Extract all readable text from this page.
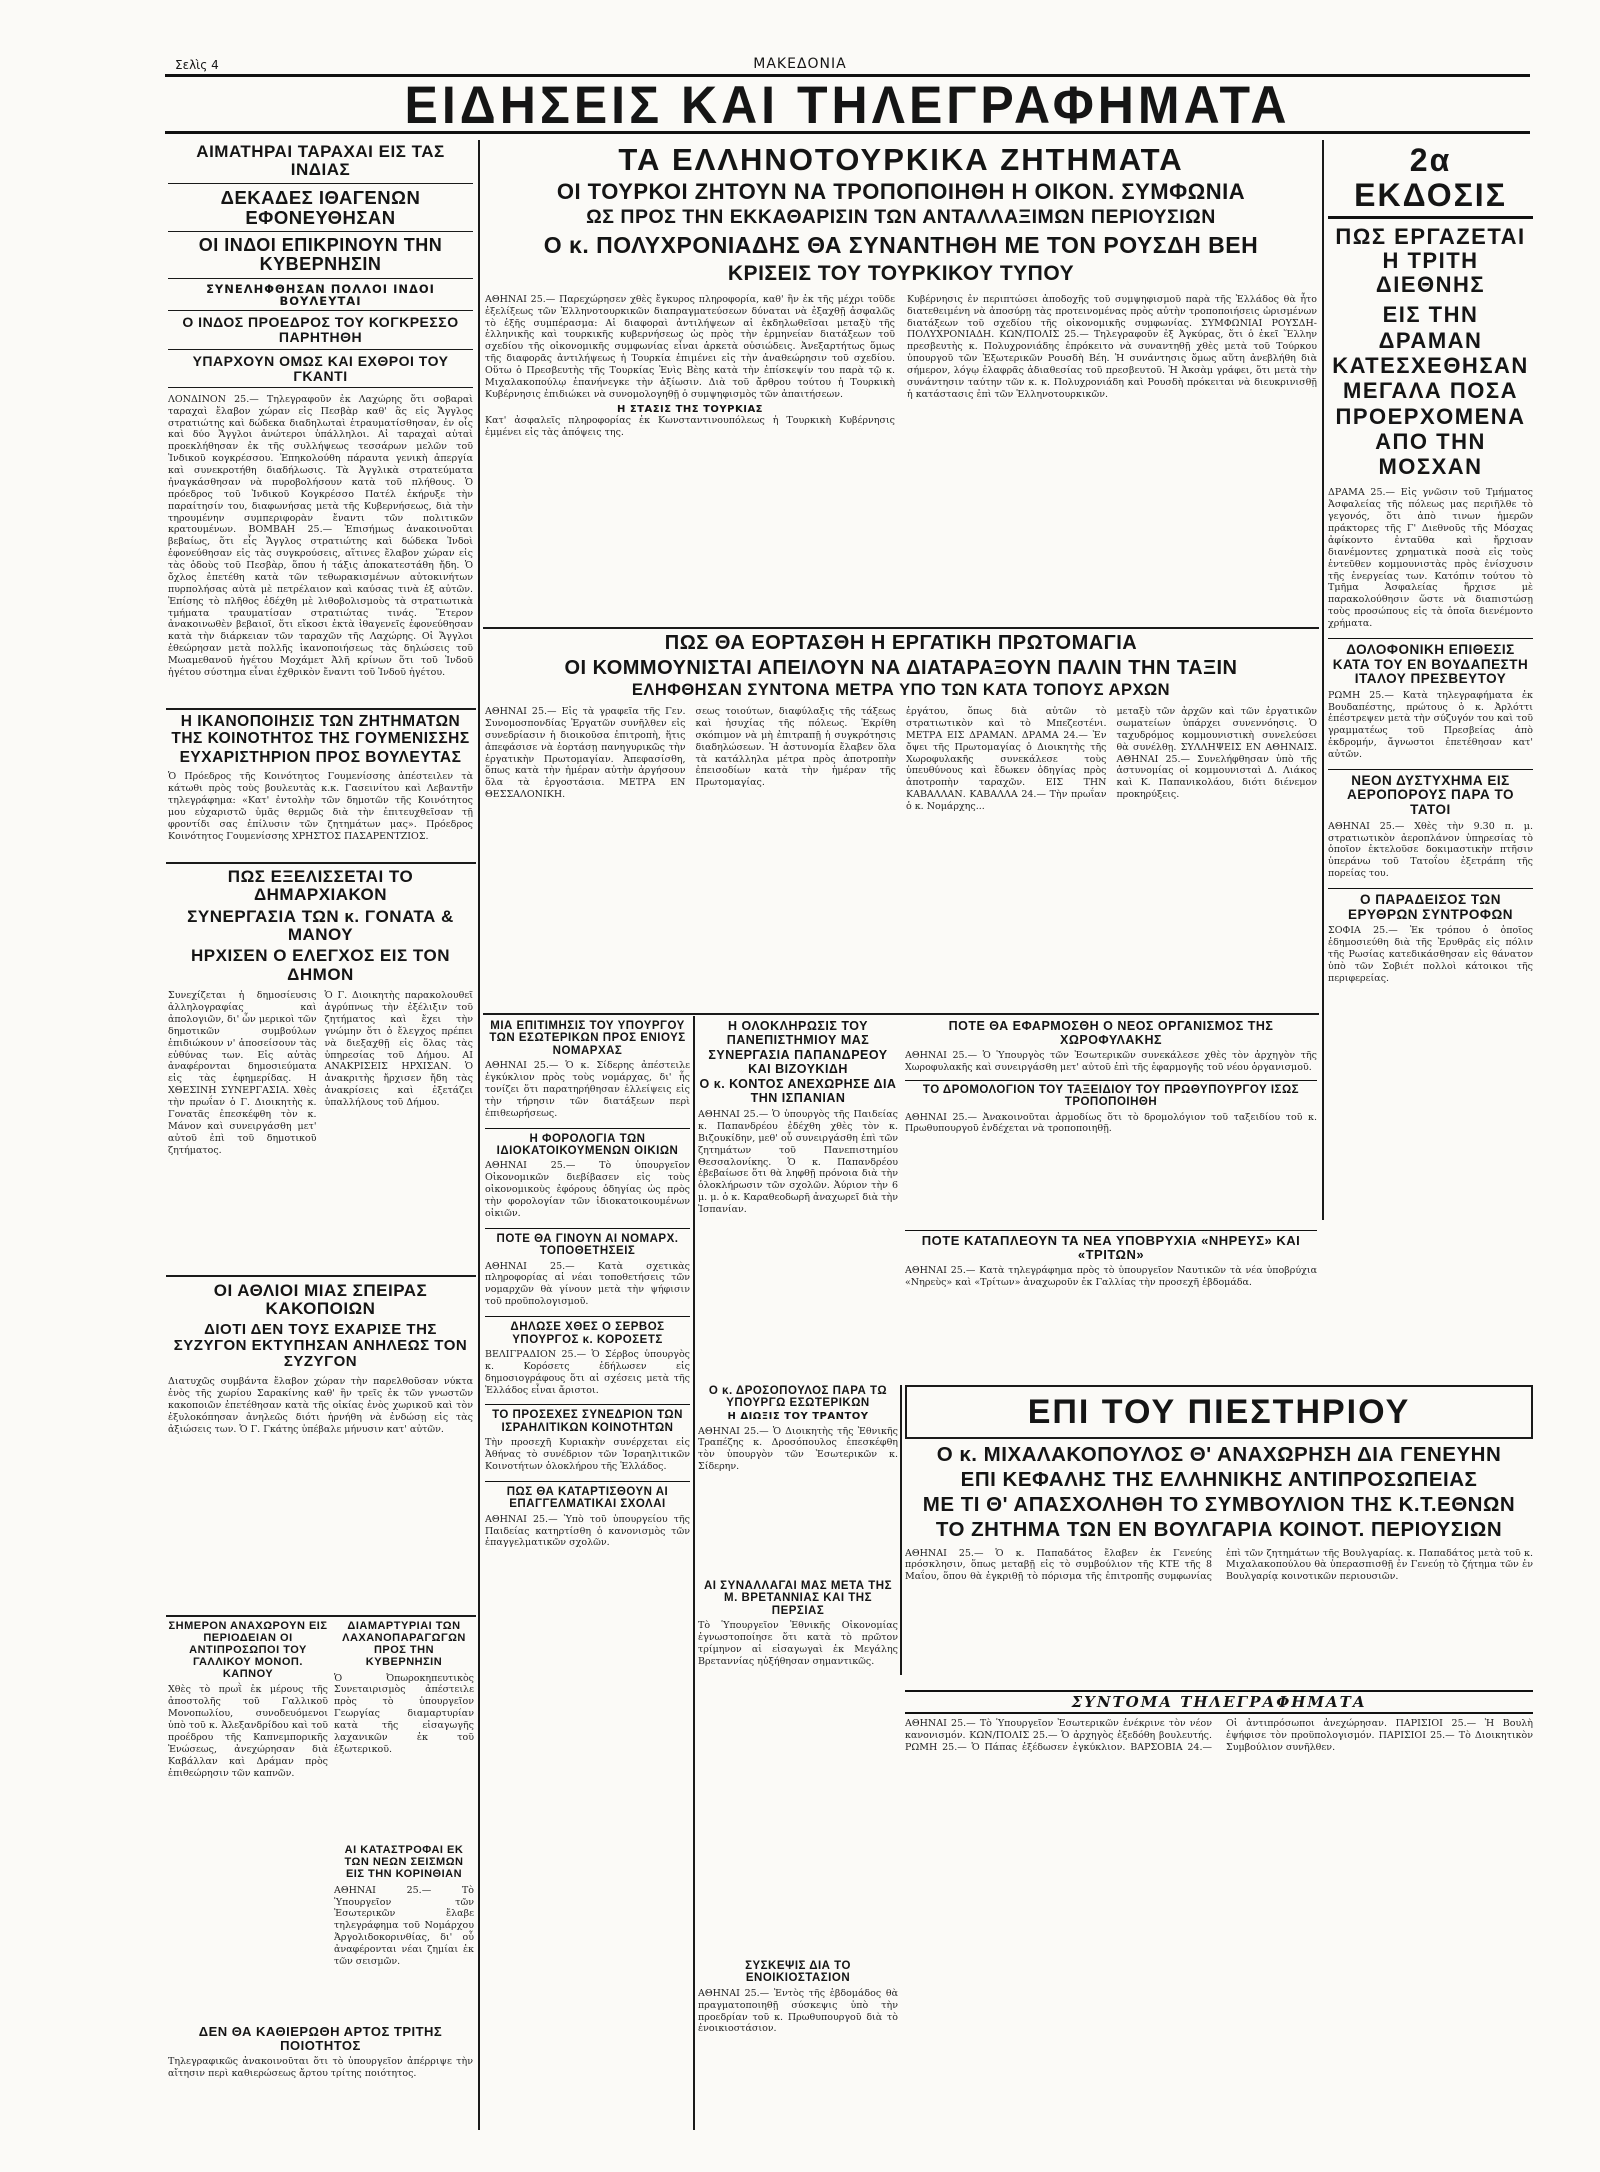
Σελὶς 4	ΜΑΚΕΔΟΝΙΑ
ΕΙΔΗΣΕΙΣ ΚΑΙ ΤΗΛΕΓΡΑΦΗΜΑΤΑ

ΑΙΜΑΤΗΡΑΙ ΤΑΡΑΧΑΙ ΕΙΣ ΤΑΣ ΙΝΔΙΑΣ

ΔΕΚΑΔΕΣ ΙΘΑΓΕΝΩΝ ΕΦΟΝΕΥΘΗΣΑΝ

ΟΙ ΙΝΔΟΙ ΕΠΙΚΡΙΝΟΥΝ ΤΗΝ ΚΥΒΕΡΝΗΣΙΝ

ΣΥΝΕΛΗΦΘΗΣΑΝ ΠΟΛΛΟΙ ΙΝΔΟΙ ΒΟΥΛΕΥΤΑΙ

Ο ΙΝΔΟΣ ΠΡΟΕΔΡΟΣ ΤΟΥ ΚΟΓΚΡΕΣΣΟ ΠΑΡΗΤΗΘΗ

ΥΠΑΡΧΟΥΝ ΟΜΩΣ ΚΑΙ ΕΧΘΡΟΙ ΤΟΥ ΓΚΑΝΤΙ

ΛΟΝΔΙΝΟΝ 25.— Τηλεγραφοῦν ἐκ Λαχώρης ὅτι σοβαραὶ ταραχαὶ ἔλαβον χώραν εἰς Πεσβὰρ καθ' ἃς εἰς Ἄγγλος στρατιώτης καὶ δώδεκα διαδηλωταὶ ἐτραυματίσθησαν, ἐν οἷς καὶ δύο Ἄγγλοι ἀνώτεροι ὑπάλληλοι. Αἱ ταραχαὶ αὐταὶ προεκλήθησαν ἐκ τῆς συλλήψεως τεσσάρων μελῶν τοῦ Ἰνδικοῦ κογκρέσσου. Ἐπηκολούθη πάραυτα γενικὴ ἀπεργία καὶ συνεκροτήθη διαδήλωσις. Τὰ Ἀγγλικὰ στρατεύματα ἠναγκάσθησαν νὰ πυροβολήσουν κατὰ τοῦ πλήθους. Ὁ πρόεδρος τοῦ Ἰνδικοῦ Κογκρέσσο Πατέλ ἐκήρυξε τὴν παραίτησίν του, διαφωνήσας μετὰ τῆς Κυβερνήσεως, διὰ τὴν τηρουμένην συμπεριφορὰν ἔναντι τῶν πολιτικῶν κρατουμένων. ΒΟΜΒΑΗ 25.— Ἐπισήμως ἀνακοινοῦται βεβαίως, ὅτι εἷς Ἄγγλος στρατιώτης καὶ δώδεκα Ἰνδοὶ ἐφονεύθησαν εἰς τὰς συγκρούσεις, αἵτινες ἔλαβον χώραν εἰς τὰς ὁδοὺς τοῦ Πεσβὰρ, ὅπου ἡ τάξις ἀποκατεστάθη ἤδη. Ὁ ὄχλος ἐπετέθη κατὰ τῶν τεθωρακισμένων αὐτοκινήτων πυρπολήσας αὐτὰ μὲ πετρέλαιον καὶ καύσας τινὰ ἐξ αὐτῶν. Ἐπίσης τὸ πλῆθος ἐδέχθη μὲ λιθοβολισμοὺς τὰ στρατιωτικὰ τμήματα τραυματίσαν στρατιώτας τινάς. Ἕτερον ἀνακοινωθὲν βεβαιοῖ, ὅτι εἴκοσι ἐκτὰ ἰθαγενεῖς ἐφονεύθησαν κατὰ τὴν διάρκειαν τῶν ταραχῶν τῆς Λαχώρης. Οἱ Ἄγγλοι ἐθεώρησαν μετὰ πολλῆς ἱκανοποιήσεως τὰς δηλώσεις τοῦ Μωαμεθανοῦ ἡγέτου Μοχάμετ Ἀλῆ κρίνων ὅτι τοῦ Ἰνδοῦ ἡγέτου σύστημα εἶναι ἐχθρικὸν ἔναντι τοῦ Ἰνδοῦ ἡγέτου.

ΤΑ ΕΛΛΗΝΟΤΟΥΡΚΙΚΑ ΖΗΤΗΜΑΤΑ

ΟΙ ΤΟΥΡΚΟΙ ΖΗΤΟΥΝ ΝΑ ΤΡΟΠΟΠΟΙΗΘΗ Η ΟΙΚΟΝ. ΣΥΜΦΩΝΙΑ

ΩΣ ΠΡΟΣ ΤΗΝ ΕΚΚΑΘΑΡΙΣΙΝ ΤΩΝ ΑΝΤΑΛΛΑΞΙΜΩΝ ΠΕΡΙΟΥΣΙΩΝ

Ο κ. ΠΟΛΥΧΡΟΝΙΑΔΗΣ ΘΑ ΣΥΝΑΝΤΗΘΗ ΜΕ ΤΟΝ ΡΟΥΣΔΗ ΒΕΗ

ΚΡΙΣΕΙΣ ΤΟΥ ΤΟΥΡΚΙΚΟΥ ΤΥΠΟΥ

ΑΘΗΝΑΙ 25.— Παρεχώρησεν χθὲς ἔγκυρος πληροφορία, καθ' ἣν ἐκ τῆς μέχρι τοῦδε ἐξελίξεως τῶν Ἑλληνοτουρκικῶν διαπραγματεύσεων δύναται νὰ ἐξαχθῇ ἀσφαλῶς τὸ ἑξῆς συμπέρασμα: Αἱ διαφοραὶ ἀντιλήψεων αἱ ἐκδηλωθεῖσαι μεταξὺ τῆς ἑλληνικῆς καὶ τουρκικῆς κυβερνήσεως ὡς πρὸς τὴν ἑρμηνείαν διατάξεων τοῦ σχεδίου τῆς οἰκονομικῆς συμφωνίας εἶναι ἀρκετὰ οὐσιώδεις. Ἀνεξαρτήτως ὅμως τῆς διαφορᾶς ἀντιλήψεως ἡ Τουρκία ἐπιμένει εἰς τὴν ἀναθεώρησιν τοῦ σχεδίου. Οὕτω ὁ Πρεσβευτὴς τῆς Τουρκίας Ἐνὶς Βὲης κατὰ τὴν ἐπίσκεψίν του παρὰ τῷ κ. Μιχαλακοπούλῳ ἐπανήνεγκε τὴν ἀξίωσιν. Διὰ τοῦ ἄρθρου τούτου ἡ Τουρκικὴ Κυβέρνησις ἐπιδιώκει νὰ συνομολογηθῇ ὁ συμψηφισμὸς τῶν ἀπαιτήσεων.

Η ΣΤΑΣΙΣ ΤΗΣ ΤΟΥΡΚΙΑΣ

Κατ' ἀσφαλεῖς πληροφορίας ἐκ Κωνσταντινουπόλεως ἡ Τουρκικὴ Κυβέρνησις ἐμμένει εἰς τὰς ἀπόψεις της.

Κυβέρνησις ἐν περιπτώσει ἀποδοχῆς τοῦ συμψηφισμοῦ παρὰ τῆς Ἑλλάδος θὰ ἦτο διατεθειμένη νὰ ἀποσύρῃ τὰς προτεινομένας πρὸς αὐτὴν τροποποιήσεις ὡρισμένων διατάξεων τοῦ σχεδίου τῆς οἰκονομικῆς συμφωνίας. ΣΥΜΦΩΝΙΑΙ ΡΟΥΣΔΗ-ΠΟΛΥΧΡΟΝΙΑΔΗ. ΚΩΝ/ΠΟΛΙΣ 25.— Τηλεγραφοῦν ἐξ Ἀγκύρας, ὅτι ὁ ἐκεῖ Ἕλλην πρεσβευτὴς κ. Πολυχρονιάδης ἐπρόκειτο νὰ συναντηθῇ χθὲς μετὰ τοῦ Τούρκου ὑπουργοῦ τῶν Ἐξωτερικῶν Ρουσδὴ Βέη. Ἡ συνάντησις ὅμως αὕτη ἀνεβλήθη διὰ σήμερον, λόγῳ ἐλαφρᾶς ἀδιαθεσίας τοῦ πρεσβευτοῦ. Ἡ Ἀκσὰμ γράφει, ὅτι μετὰ τὴν συνάντησιν ταύτην τῶν κ. κ. Πολυχρονιάδη καὶ Ρουσδὴ πρόκειται νὰ διευκρινισθῇ ἡ κατάστασις ἐπὶ τῶν Ἑλληνοτουρκικῶν.

2α ΕΚΔΟΣΙΣ

ΠΩΣ ΕΡΓΑΖΕΤΑΙ Η ΤΡΙΤΗ ΔΙΕΘΝΗΣ

ΕΙΣ ΤΗΝ ΔΡΑΜΑΝ ΚΑΤΕΣΧΕΘΗΣΑΝ ΜΕΓΑΛΑ ΠΟΣΑ ΠΡΟΕΡΧΟΜΕΝΑ ΑΠΟ ΤΗΝ ΜΟΣΧΑΝ

ΔΡΑΜΑ 25.— Εἰς γνῶσιν τοῦ Τμήματος Ἀσφαλείας τῆς πόλεως μας περιῆλθε τὸ γεγονός, ὅτι ἀπὸ τινων ἡμερῶν πράκτορες τῆς Γ' Διεθνοῦς τῆς Μόσχας ἀφίκοντο ἐνταῦθα καὶ ἤρχισαν διανέμοντες χρηματικὰ ποσὰ εἰς τοὺς ἐντεῦθεν κομμουνιστὰς πρὸς ἐνίσχυσιν τῆς ἐνεργείας των. Κατόπιν τούτου τὸ Τμῆμα Ἀσφαλείας ἤρχισε μὲ παρακολούθησιν ὥστε νὰ διαπιστώσῃ τοὺς προσώπους εἰς τὰ ὁποῖα διενέμοντο χρήματα.

ΔΟΛΟΦΟΝΙΚΗ ΕΠΙΘΕΣΙΣ ΚΑΤΑ ΤΟΥ ΕΝ ΒΟΥΔΑΠΕΣΤΗ ΙΤΑΛΟΥ ΠΡΕΣΒΕΥΤΟΥ

ΡΩΜΗ 25.— Κατὰ τηλεγραφήματα ἐκ Βουδαπέστης, πρώτους ὁ κ. Ἀρλόττι ἐπέστρεψεν μετὰ τὴν σύζυγόν του καὶ τοῦ γραμματέως τοῦ Πρεσβείας ἀπὸ ἐκδρομήν, ἄγνωστοι ἐπετέθησαν κατ' αὐτῶν.

ΝΕΟΝ ΔΥΣΤΥΧΗΜΑ ΕΙΣ ΑΕΡΟΠΟΡΟΥΣ ΠΑΡΑ ΤΟ ΤΑΤΟΙ

ΑΘΗΝΑΙ 25.— Χθὲς τὴν 9.30 π. μ. στρατιωτικὸν ἀεροπλάνον ὑπηρεσίας τὸ ὁποῖον ἐκτελοῦσε δοκιμαστικὴν πτῆσιν ὑπεράνω τοῦ Τατοΐου ἐξετράπη τῆς πορείας του.

Ο ΠΑΡΑΔΕΙΣΟΣ ΤΩΝ ΕΡΥΘΡΩΝ ΣΥΝΤΡΟΦΩΝ

ΣΟΦΙΑ 25.— Ἐκ τρόπου ὁ ὁποῖος ἐδημοσιεύθη διὰ τῆς Ἐρυθρᾶς εἰς πόλιν τῆς Ρωσίας κατεδικάσθησαν εἰς θάνατον ὑπὸ τῶν Σοβιέτ πολλοὶ κάτοικοι τῆς περιφερείας.

Η ΙΚΑΝΟΠΟΙΗΣΙΣ ΤΩΝ ΖΗΤΗΜΑΤΩΝ ΤΗΣ ΚΟΙΝΟΤΗΤΟΣ ΤΗΣ ΓΟΥΜΕΝΙΣΣΗΣ

ΕΥΧΑΡΙΣΤΗΡΙΟΝ ΠΡΟΣ ΒΟΥΛΕΥΤΑΣ

Ὁ Πρόεδρος τῆς Κοινότητος Γουμενίσσης ἀπέστειλεν τὰ κάτωθι πρὸς τοὺς βουλευτὰς κ.κ. Γασεινίτου καὶ Λεβαντῆν τηλεγράφημα: «Κατ' ἐντολὴν τῶν δημοτῶν τῆς Κοινότητος μου εὐχαριστῶ ὑμᾶς θερμῶς διὰ τὴν ἐπιτευχθεῖσαν τῇ φροντίδι σας ἐπίλυσιν τῶν ζητημάτων μας». Πρόεδρος Κοινότητος Γουμενίσσης ΧΡΗΣΤΟΣ ΠΑΣΑΡΕΝΤΖΙΟΣ.

ΠΩΣ ΕΞΕΛΙΣΣΕΤΑΙ ΤΟ ΔΗΜΑΡΧΙΑΚΟΝ

ΣΥΝΕΡΓΑΣΙΑ ΤΩΝ κ. ΓΟΝΑΤΑ & ΜΑΝΟΥ

ΗΡΧΙΣΕΝ Ο ΕΛΕΓΧΟΣ ΕΙΣ ΤΟΝ ΔΗΜΟΝ

Συνεχίζεται ἡ δημοσίευσις ἀλληλογραφίας καὶ ἀπολογιῶν, δι' ὧν μερικοὶ τῶν δημοτικῶν συμβούλων ἐπιδιώκουν ν' ἀποσείσουν τὰς εὐθύνας των. Εἰς αὐτὰς ἀναφέρονται δημοσιεύματα εἰς τὰς ἐφημερίδας. Η ΧΘΕΣΙΝΗ ΣΥΝΕΡΓΑΣΙΑ. Χθὲς τὴν πρωΐαν ὁ Γ. Διοικητὴς κ. Γονατᾶς ἐπεσκέφθη τὸν κ. Μάνον καὶ συνειργάσθη μετ' αὐτοῦ ἐπὶ τοῦ δημοτικοῦ ζητήματος.

Ὁ Γ. Διοικητὴς παρακολουθεῖ ἀγρύπνως τὴν ἐξέλιξιν τοῦ ζητήματος καὶ ἔχει τὴν γνώμην ὅτι ὁ ἔλεγχος πρέπει νὰ διεξαχθῇ εἰς ὅλας τὰς ὑπηρεσίας τοῦ Δήμου. ΑΙ ΑΝΑΚΡΙΣΕΙΣ ΗΡΧΙΣΑΝ. Ὁ ἀνακριτὴς ἤρχισεν ἤδη τὰς ἀνακρίσεις καὶ ἐξετάζει ὑπαλλήλους τοῦ Δήμου.

ΟΙ ΑΘΛΙΟΙ ΜΙΑΣ ΣΠΕΙΡΑΣ ΚΑΚΟΠΟΙΩΝ

ΔΙΟΤΙ ΔΕΝ ΤΟΥΣ ΕΧΑΡΙΣΕ ΤΗΣ ΣΥΖΥΓΟΝ ΕΚΤΥΠΗΣΑΝ ΑΝΗΛΕΩΣ ΤΟΝ ΣΥΖΥΓΟΝ

Διατυχῶς συμβάντα ἔλαβον χώραν τὴν παρελθοῦσαν νύκτα ἐνὸς τῆς χωρίου Σαρακίνης καθ' ἣν τρεῖς ἐκ τῶν γνωστῶν κακοποιῶν ἐπετέθησαν κατὰ τῆς οἰκίας ἐνὸς χωρικοῦ καὶ τὸν ἐξυλοκόπησαν ἀνηλεῶς διότι ἠρνήθη νὰ ἐνδώσῃ εἰς τὰς ἀξιώσεις των. Ὁ Γ. Γκάτης ὑπέβαλε μήνυσιν κατ' αὐτῶν.

ΣΗΜΕΡΟΝ ΑΝΑΧΩΡΟΥΝ ΕΙΣ ΠΕΡΙΟΔΕΙΑΝ ΟΙ ΑΝΤΙΠΡΟΣΩΠΟΙ ΤΟΥ ΓΑΛΛΙΚΟΥ ΜΟΝΟΠ. ΚΑΠΝΟΥ

Χθὲς τὸ πρωῒ ἐκ μέρους τῆς ἀποστολῆς τοῦ Γαλλικοῦ Μονοπωλίου, συνοδευόμενοι ὑπὸ τοῦ κ. Ἀλεξανδρίδου καὶ τοῦ προέδρου τῆς Καπνεμπορικῆς Ἑνώσεως, ἀνεχώρησαν διὰ Καβάλλαν καὶ Δράμαν πρὸς ἐπιθεώρησιν τῶν καπνῶν.

ΔΙΑΜΑΡΤΥΡΙΑΙ ΤΩΝ ΛΑΧΑΝΟΠΑΡΑΓΩΓΩΝ ΠΡΟΣ ΤΗΝ ΚΥΒΕΡΝΗΣΙΝ

Ὁ Ὀπωροκηπευτικὸς Συνεταιρισμὸς ἀπέστειλε πρὸς τὸ ὑπουργεῖον Γεωργίας διαμαρτυρίαν κατὰ τῆς εἰσαγωγῆς λαχανικῶν ἐκ τοῦ ἐξωτερικοῦ.

ΑΙ ΚΑΤΑΣΤΡΟΦΑΙ ΕΚ ΤΩΝ ΝΕΩΝ ΣΕΙΣΜΩΝ ΕΙΣ ΤΗΝ ΚΟΡΙΝΘΙΑΝ

ΑΘΗΝΑΙ 25.— Τὸ Ὑπουργεῖον τῶν Ἐσωτερικῶν ἔλαβε τηλεγράφημα τοῦ Νομάρχου Ἀργολιδοκορινθίας, δι' οὗ ἀναφέρονται νέαι ζημίαι ἐκ τῶν σεισμῶν.

ΔΕΝ ΘΑ ΚΑΘΙΕΡΩΘΗ ΑΡΤΟΣ ΤΡΙΤΗΣ ΠΟΙΟΤΗΤΟΣ

Τηλεγραφικῶς ἀνακοινοῦται ὅτι τὸ ὑπουργεῖον ἀπέρριψε τὴν αἴτησιν περὶ καθιερώσεως ἄρτου τρίτης ποιότητος.

ΠΩΣ ΘΑ ΕΟΡΤΑΣΘΗ Η ΕΡΓΑΤΙΚΗ ΠΡΩΤΟΜΑΓΙΑ

ΟΙ ΚΟΜΜΟΥΝΙΣΤΑΙ ΑΠΕΙΛΟΥΝ ΝΑ ΔΙΑΤΑΡΑΞΟΥΝ ΠΑΛΙΝ ΤΗΝ ΤΑΞΙΝ

ΕΛΗΦΘΗΣΑΝ ΣΥΝΤΟΝΑ ΜΕΤΡΑ ΥΠΟ ΤΩΝ ΚΑΤΑ ΤΟΠΟΥΣ ΑΡΧΩΝ

ΑΘΗΝΑΙ 25.— Εἰς τὰ γραφεῖα τῆς Γεν. Συνομοσπονδίας Ἐργατῶν συνῆλθεν εἰς συνεδρίασιν ἡ διοικοῦσα ἐπιτροπὴ, ἥτις ἀπεφάσισε νὰ ἑορτάσῃ πανηγυρικῶς τὴν ἐργατικὴν Πρωτομαγίαν. Ἀπεφασίσθη, ὅπως κατὰ τὴν ἡμέραν αὐτὴν ἀργήσουν ὅλα τὰ ἐργοστάσια. ΜΕΤΡΑ ΕΝ ΘΕΣΣΑΛΟΝΙΚΗ.

σεως τοιούτων, διαφύλαξις τῆς τάξεως καὶ ἡσυχίας τῆς πόλεως. Ἐκρίθη σκόπιμον νὰ μὴ ἐπιτραπῇ ἡ συγκρότησις διαδηλώσεων. Ἡ ἀστυνομία ἔλαβεν ὅλα τὰ κατάλληλα μέτρα πρὸς ἀποτροπὴν ἐπεισοδίων κατὰ τὴν ἡμέραν τῆς Πρωτομαγίας.

ἐργάτου, ὅπως διὰ αὐτῶν τὸ στρατιωτικὸν καὶ τὸ Μπεζεστένι. ΜΕΤΡΑ ΕΙΣ ΔΡΑΜΑΝ. ΔΡΑΜΑ 24.— Ἐν ὄψει τῆς Πρωτομαγίας ὁ Διοικητὴς τῆς Χωροφυλακῆς συνεκάλεσε τοὺς ὑπευθύνους καὶ ἔδωκεν ὁδηγίας πρὸς ἀποτροπὴν ταραχῶν. ΕΙΣ ΤΗΝ ΚΑΒΑΛΛΑΝ. ΚΑΒΑΛΛΑ 24.— Τὴν πρωΐαν ὁ κ. Νομάρχης...

μεταξὺ τῶν ἀρχῶν καὶ τῶν ἐργατικῶν σωματείων ὑπάρχει συνεννόησις. Ὁ ταχυδρόμος κομμουνιστικὴ συνελεύσει θὰ συνέλθῃ. ΣΥΛΛΗΨΕΙΣ ΕΝ ΑΘΗΝΑΙΣ. ΑΘΗΝΑΙ 25.— Συνελήφθησαν ὑπὸ τῆς ἀστυνομίας οἱ κομμουνισταὶ Δ. Λιάκος καὶ Κ. Παπανικολάου, διότι διένεμον προκηρύξεις.

ΜΙΑ ΕΠΙΤΙΜΗΣΙΣ ΤΟΥ ΥΠΟΥΡΓΟΥ ΤΩΝ ΕΣΩΤΕΡΙΚΩΝ ΠΡΟΣ ΕΝΙΟΥΣ ΝΟΜΑΡΧΑΣ

ΑΘΗΝΑΙ 25.— Ὁ κ. Σίδερης ἀπέστειλε ἐγκύκλιον πρὸς τοὺς νομάρχας, δι' ἧς τονίζει ὅτι παρατηρήθησαν ἐλλείψεις εἰς τὴν τήρησιν τῶν διατάξεων περὶ ἐπιθεωρήσεως.

Η ΦΟΡΟΛΟΓΙΑ ΤΩΝ ΙΔΙΟΚΑΤΟΙΚΟΥΜΕΝΩΝ ΟΙΚΙΩΝ

ΑΘΗΝΑΙ 25.— Τὸ ὑπουργεῖον Οἰκονομικῶν διεβίβασεν εἰς τοὺς οἰκονομικοὺς ἐφόρους ὁδηγίας ὡς πρὸς τὴν φορολογίαν τῶν ἰδιοκατοικουμένων οἰκιῶν.

ΠΟΤΕ ΘΑ ΓΙΝΟΥΝ ΑΙ ΝΟΜΑΡΧ. ΤΟΠΟΘΕΤΗΣΕΙΣ

ΑΘΗΝΑΙ 25.— Κατὰ σχετικὰς πληροφορίας αἱ νέαι τοποθετήσεις τῶν νομαρχῶν θὰ γίνουν μετὰ τὴν ψήφισιν τοῦ προϋπολογισμοῦ.

ΔΗΛΩΣΕ ΧΘΕΣ Ο ΣΕΡΒΟΣ ΥΠΟΥΡΓΟΣ κ. ΚΟΡΟΣΕΤΣ

ΒΕΛΙΓΡΑΔΙΟΝ 25.— Ὁ Σέρβος ὑπουργὸς κ. Κορόσετς ἐδήλωσεν εἰς δημοσιογράφους ὅτι αἱ σχέσεις μετὰ τῆς Ἑλλάδος εἶναι ἄριστοι.

ΤΟ ΠΡΟΣΕΧΕΣ ΣΥΝΕΔΡΙΟΝ ΤΩΝ ΙΣΡΑΗΛΙΤΙΚΩΝ ΚΟΙΝΟΤΗΤΩΝ

Τὴν προσεχῆ Κυριακὴν συνέρχεται εἰς Ἀθήνας τὸ συνέδριον τῶν Ἰσραηλιτικῶν Κοινοτήτων ὁλοκλήρου τῆς Ἑλλάδος.

ΠΩΣ ΘΑ ΚΑΤΑΡΤΙΣΘΟΥΝ ΑΙ ΕΠΑΓΓΕΛΜΑΤΙΚΑΙ ΣΧΟΛΑΙ

ΑΘΗΝΑΙ 25.— Ὑπὸ τοῦ ὑπουργείου τῆς Παιδείας κατηρτίσθη ὁ κανονισμὸς τῶν ἐπαγγελματικῶν σχολῶν.

Η ΟΛΟΚΛΗΡΩΣΙΣ ΤΟΥ ΠΑΝΕΠΙΣΤΗΜΙΟΥ ΜΑΣ

ΣΥΝΕΡΓΑΣΙΑ ΠΑΠΑΝΔΡΕΟΥ ΚΑΙ ΒΙΖΟΥΚΙΔΗ

Ο κ. ΚΟΝΤΟΣ ΑΝΕΧΩΡΗΣΕ ΔΙΑ ΤΗΝ ΙΣΠΑΝΙΑΝ

ΑΘΗΝΑΙ 25.— Ὁ ὑπουργὸς τῆς Παιδείας κ. Παπανδρέου ἐδέχθη χθὲς τὸν κ. Βιζουκίδην, μεθ' οὗ συνειργάσθη ἐπὶ τῶν ζητημάτων τοῦ Πανεπιστημίου Θεσσαλονίκης. Ὁ κ. Παπανδρέου ἐβεβαίωσε ὅτι θὰ ληφθῇ πρόνοια διὰ τὴν ὁλοκλήρωσιν τῶν σχολῶν. Ἀύριον τὴν 6 μ. μ. ὁ κ. Καραθεοδωρῆ ἀναχωρεῖ διὰ τὴν Ἰσπανίαν.

Ο κ. ΔΡΟΣΟΠΟΥΛΟΣ ΠΑΡΑ ΤΩ ΥΠΟΥΡΓΩ ΕΣΩΤΕΡΙΚΩΝ

Η ΔΙΩΞΙΣ ΤΟΥ ΤΡΑΝΤΟΥ

ΑΘΗΝΑΙ 25.— Ὁ Διοικητὴς τῆς Ἐθνικῆς Τραπέζης κ. Δροσόπουλος ἐπεσκέφθη τὸν ὑπουργὸν τῶν Ἐσωτερικῶν κ. Σίδερην.

ΑΙ ΣΥΝΑΛΛΑΓΑΙ ΜΑΣ ΜΕΤΑ ΤΗΣ Μ. ΒΡΕΤΑΝΝΙΑΣ ΚΑΙ ΤΗΣ ΠΕΡΣΙΑΣ

Τὸ Ὑπουργεῖον Ἐθνικῆς Οἰκονομίας ἐγνωστοποίησε ὅτι κατὰ τὸ πρῶτον τρίμηνον αἱ εἰσαγωγαὶ ἐκ Μεγάλης Βρεταννίας ηὐξήθησαν σημαντικῶς.

ΣΥΣΚΕΨΙΣ ΔΙΑ ΤΟ ΕΝΟΙΚΙΟΣΤΑΣΙΟΝ

ΑΘΗΝΑΙ 25.— Ἐντὸς τῆς ἑβδομάδος θὰ πραγματοποιηθῇ σύσκεψις ὑπὸ τὴν προεδρίαν τοῦ κ. Πρωθυπουργοῦ διὰ τὸ ἐνοικιοστάσιον.

ΠΟΤΕ ΘΑ ΕΦΑΡΜΟΣΘΗ Ο ΝΕΟΣ ΟΡΓΑΝΙΣΜΟΣ ΤΗΣ ΧΩΡΟΦΥΛΑΚΗΣ

ΑΘΗΝΑΙ 25.— Ὁ Ὑπουργὸς τῶν Ἐσωτερικῶν συνεκάλεσε χθὲς τὸν ἀρχηγὸν τῆς Χωροφυλακῆς καὶ συνειργάσθη μετ' αὐτοῦ ἐπὶ τῆς ἐφαρμογῆς τοῦ νέου ὀργανισμοῦ.

ΤΟ ΔΡΟΜΟΛΟΓΙΟΝ ΤΟΥ ΤΑΞΕΙΔΙΟΥ ΤΟΥ ΠΡΩΘΥΠΟΥΡΓΟΥ ΙΣΩΣ ΤΡΟΠΟΠΟΙΗΘΗ

ΑΘΗΝΑΙ 25.— Ἀνακοινοῦται ἀρμοδίως ὅτι τὸ δρομολόγιον τοῦ ταξειδίου τοῦ κ. Πρωθυπουργοῦ ἐνδέχεται νὰ τροποποιηθῇ.

ΠΟΤΕ ΚΑΤΑΠΛΕΟΥΝ ΤΑ ΝΕΑ ΥΠΟΒΡΥΧΙΑ «ΝΗΡΕΥΣ» ΚΑΙ «ΤΡΙΤΩΝ»

ΑΘΗΝΑΙ 25.— Κατὰ τηλεγράφημα πρὸς τὸ ὑπουργεῖον Ναυτικῶν τὰ νέα ὑποβρύχια «Νηρεὺς» καὶ «Τρίτων» ἀναχωροῦν ἐκ Γαλλίας τὴν προσεχῆ ἑβδομάδα.

ΕΠΙ ΤΟΥ ΠΙΕΣΤΗΡΙΟΥ

Ο κ. ΜΙΧΑΛΑΚΟΠΟΥΛΟΣ Θ' ΑΝΑΧΩΡΗΣΗ ΔΙΑ ΓΕΝΕΥΗΝ

ΕΠΙ ΚΕΦΑΛΗΣ ΤΗΣ ΕΛΛΗΝΙΚΗΣ ΑΝΤΙΠΡΟΣΩΠΕΙΑΣ

ΜΕ ΤΙ Θ' ΑΠΑΣΧΟΛΗΘΗ ΤΟ ΣΥΜΒΟΥΛΙΟΝ ΤΗΣ Κ.Τ.ΕΘΝΩΝ

ΤΟ ΖΗΤΗΜΑ ΤΩΝ ΕΝ ΒΟΥΛΓΑΡΙΑ ΚΟΙΝΟΤ. ΠΕΡΙΟΥΣΙΩΝ

ΑΘΗΝΑΙ 25.— Ὁ κ. Παπαδάτος ἔλαβεν ἐκ Γενεύης πρόσκλησιν, ὅπως μεταβῇ εἰς τὸ συμβούλιον τῆς ΚΤΕ τῆς 8 Μαΐου, ὅπου θὰ ἐγκριθῇ τὸ πόρισμα τῆς ἐπιτροπῆς συμφωνίας ἐπὶ τῶν ζητημάτων τῆς Βουλγαρίας. κ. Παπαδάτος μετὰ τοῦ κ. Μιχαλακοπούλου θὰ ὑπερασπισθῇ ἐν Γενεύῃ τὸ ζήτημα τῶν ἐν Βουλγαρίᾳ κοινοτικῶν περιουσιῶν.

ΣΥΝΤΟΜΑ ΤΗΛΕΓΡΑΦΗΜΑΤΑ

ΑΘΗΝΑΙ 25.— Τὸ Ὑπουργεῖον Ἐσωτερικῶν ἐνέκρινε τὸν νέον κανονισμόν. ΚΩΝ/ΠΟΛΙΣ 25.— Ὁ ἀρχηγὸς ἐξεδόθη βουλευτής. ΡΩΜΗ 25.— Ὁ Πάπας ἐξέδωσεν ἐγκύκλιον. ΒΑΡΣΟΒΙΑ 24.— Οἱ ἀντιπρόσωποι ἀνεχώρησαν. ΠΑΡΙΣΙΟΙ 25.— Ἡ Βουλὴ ἐψήφισε τὸν προϋπολογισμόν. ΠΑΡΙΣΙΟΙ 25.— Τὸ Διοικητικὸν Συμβούλιον συνῆλθεν.
